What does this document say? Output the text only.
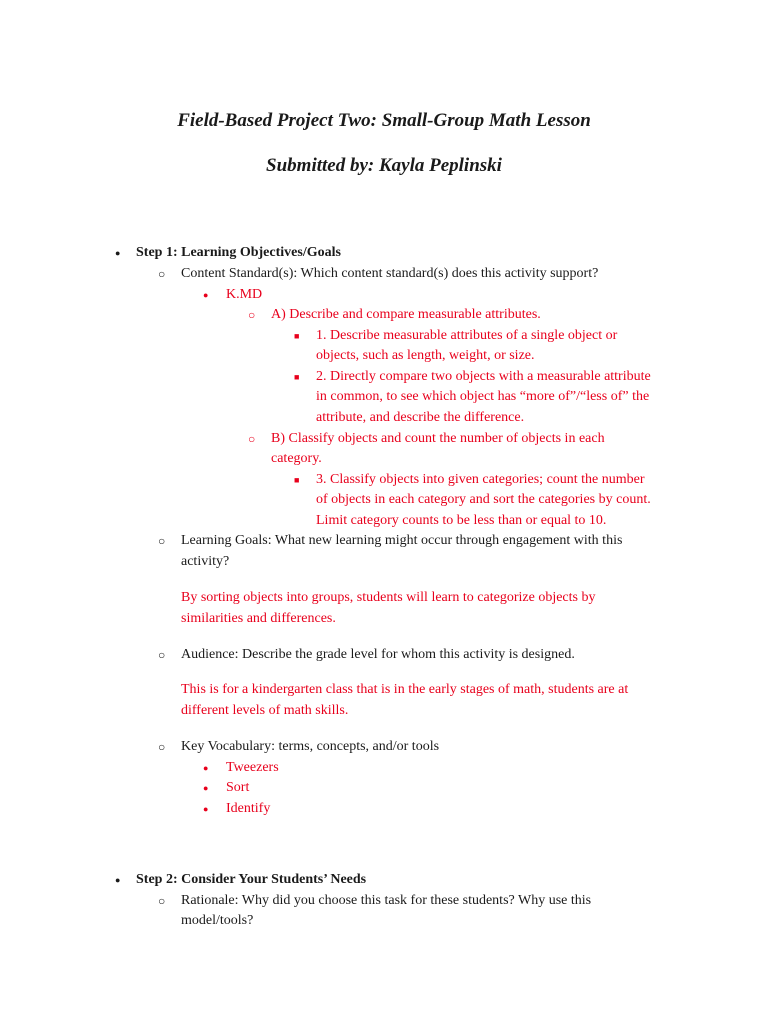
Field-Based Project Two: Small-Group Math Lesson
Submitted by: Kayla Peplinski
● Step 1: Learning Objectives/Goals
○ Content Standard(s): Which content standard(s) does this activity support?
● K.MD
○ A) Describe and compare measurable attributes.
■ 1. Describe measurable attributes of a single object or
objects, such as length, weight, or size.
■ 2. Directly compare two objects with a measurable attribute
in common, to see which object has “more of”/“less of” the
attribute, and describe the difference.
○ B) Classify objects and count the number of objects in each
category.
■ 3. Classify objects into given categories; count the number
of objects in each category and sort the categories by count.
Limit category counts to be less than or equal to 10.
○ Learning Goals: What new learning might occur through engagement with this
activity?
By sorting objects into groups, students will learn to categorize objects by
similarities and differences.
○ Audience: Describe the grade level for whom this activity is designed.
This is for a kindergarten class that is in the early stages of math, students are at
different levels of math skills.
○ Key Vocabulary: terms, concepts, and/or tools
● Tweezers
● Sort
● Identify
● Step 2: Consider Your Students’ Needs
○ Rationale: Why did you choose this task for these students? Why use this
model/tools?
